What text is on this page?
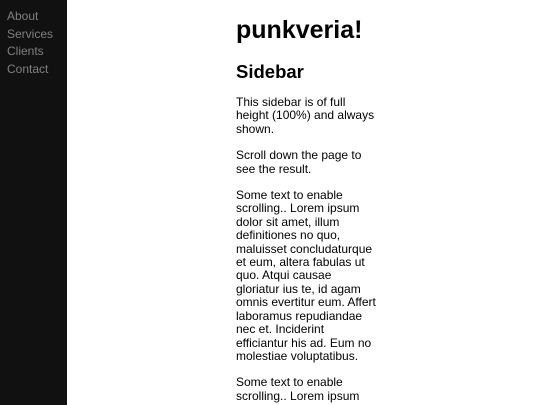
About
Services
Clients
Contact
punkveria!
Sidebar

This sidebar is of full height (100%) and always shown.

Scroll down the page to see the result.

Some text to enable scrolling.. Lorem ipsum dolor sit amet, illum definitiones no quo, maluisset concludaturque et eum, altera fabulas ut quo. Atqui causae gloriatur ius te, id agam omnis evertitur eum. Affert laboramus repudiandae nec et. Inciderint efficiantur his ad. Eum no molestiae voluptatibus.

Some text to enable scrolling.. Lorem ipsum
